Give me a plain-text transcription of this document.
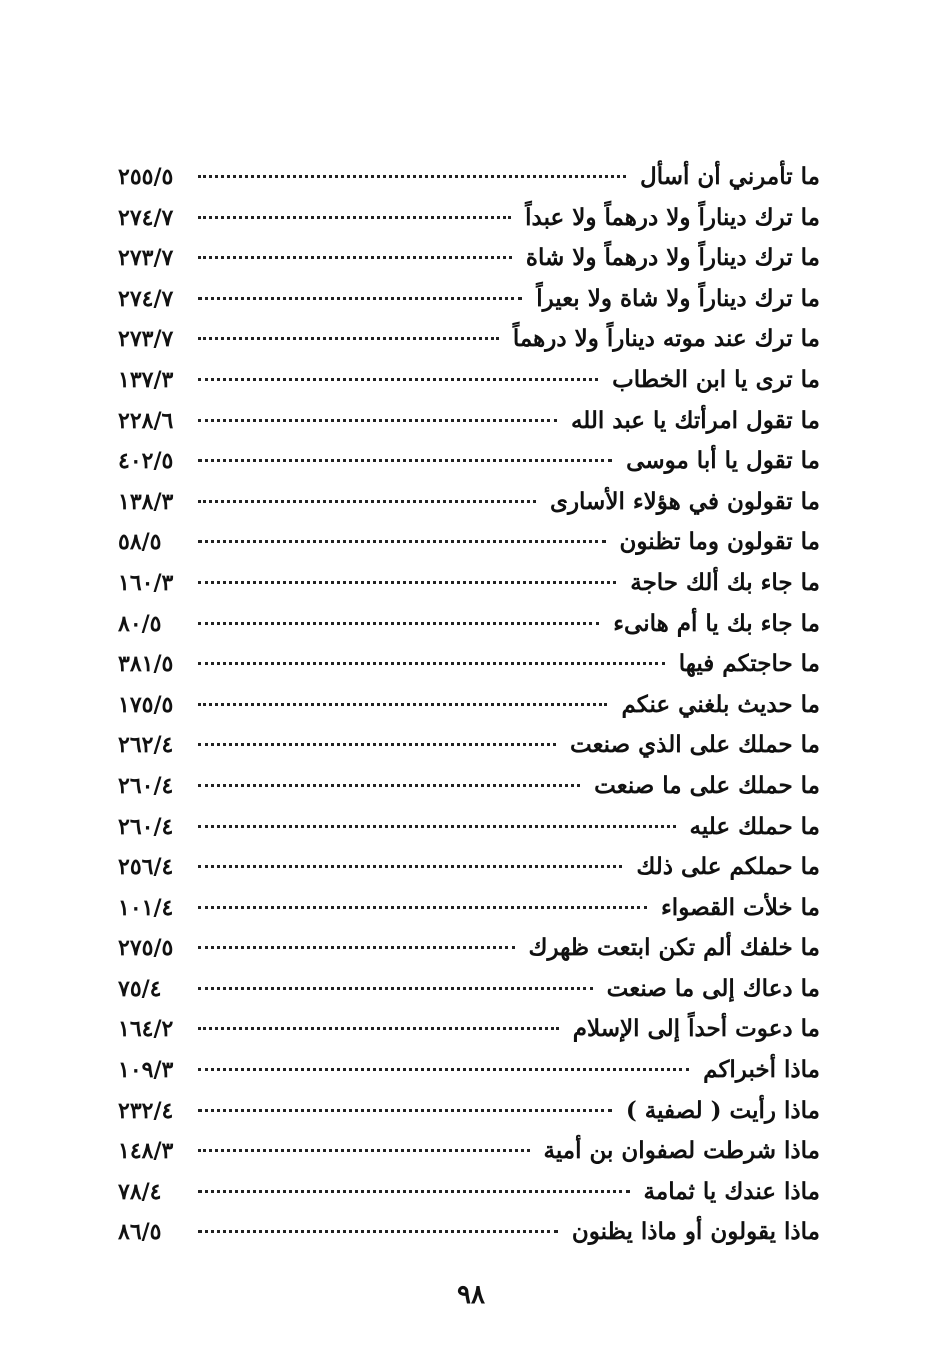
ما تأمرني أن أسأل
٢٥٥/٥
ما ترك ديناراً ولا درهماً ولا عبداً
٢٧٤/٧
ما ترك ديناراً ولا درهماً ولا شاة
٢٧٣/٧
ما ترك ديناراً ولا شاة ولا بعيراً
٢٧٤/٧
ما ترك عند موته ديناراً ولا درهماً
٢٧٣/٧
ما ترى يا ابن الخطاب
١٣٧/٣
ما تقول امرأتك يا عبد الله
٢٢٨/٦
ما تقول يا أبا موسى
٤٠٢/٥
ما تقولون في هؤلاء الأسارى
١٣٨/٣
ما تقولون وما تظنون
٥٨/٥
ما جاء بك ألك حاجة
١٦٠/٣
ما جاء بك يا أم هانىء
٨٠/٥
ما حاجتكم فيها
٣٨١/٥
ما حديث بلغني عنكم
١٧٥/٥
ما حملك على الذي صنعت
٢٦٢/٤
ما حملك على ما صنعت
٢٦٠/٤
ما حملك عليه
٢٦٠/٤
ما حملكم على ذلك
٢٥٦/٤
ما خلأت القصواء
١٠١/٤
ما خلفك ألم تكن ابتعت ظهرك
٢٧٥/٥
ما دعاك إلى ما صنعت
٧٥/٤
ما دعوت أحداً إلى الإسلام
١٦٤/٢
ماذا أخبراكم
١٠٩/٣
ماذا رأيت ( لصفية )
٢٣٢/٤
ماذا شرطت لصفوان بن أمية
١٤٨/٣
ماذا عندك يا ثمامة
٧٨/٤
ماذا يقولون أو ماذا يظنون
٨٦/٥
٩٨
